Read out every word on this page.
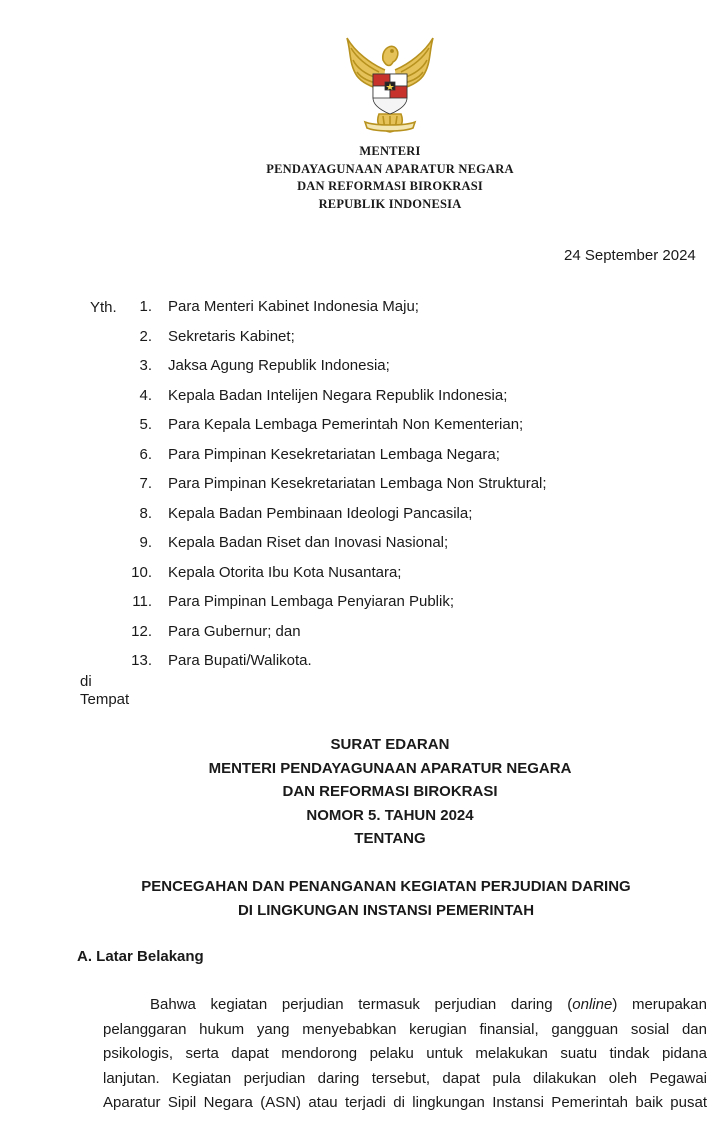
MENTERI
PENDAYAGUNAAN APARATUR NEGARA
DAN REFORMASI BIROKRASI
REPUBLIK INDONESIA
24 September 2024
Yth.	1. Para Menteri Kabinet Indonesia Maju;
2. Sekretaris Kabinet;
3. Jaksa Agung Republik Indonesia;
4. Kepala Badan Intelijen Negara Republik Indonesia;
5. Para Kepala Lembaga Pemerintah Non Kementerian;
6. Para Pimpinan Kesekretariatan Lembaga Negara;
7. Para Pimpinan Kesekretariatan Lembaga Non Struktural;
8. Kepala Badan Pembinaan Ideologi Pancasila;
9. Kepala Badan Riset dan Inovasi Nasional;
10. Kepala Otorita Ibu Kota Nusantara;
11. Para Pimpinan Lembaga Penyiaran Publik;
12. Para Gubernur; dan
13. Para Bupati/Walikota.
di
Tempat
SURAT EDARAN
MENTERI PENDAYAGUNAAN APARATUR NEGARA
DAN REFORMASI BIROKRASI
NOMOR 5. TAHUN 2024
TENTANG
PENCEGAHAN DAN PENANGANAN KEGIATAN PERJUDIAN DARING
DI LINGKUNGAN INSTANSI PEMERINTAH
A. Latar Belakang
Bahwa kegiatan perjudian termasuk perjudian daring (online) merupakan
pelanggaran hukum yang menyebabkan kerugian finansial, gangguan sosial dan
psikologis, serta dapat mendorong pelaku untuk melakukan suatu tindak pidana
lanjutan. Kegiatan perjudian daring tersebut, dapat pula dilakukan oleh Pegawai
Aparatur Sipil Negara (ASN) atau terjadi di lingkungan Instansi Pemerintah baik pusat
